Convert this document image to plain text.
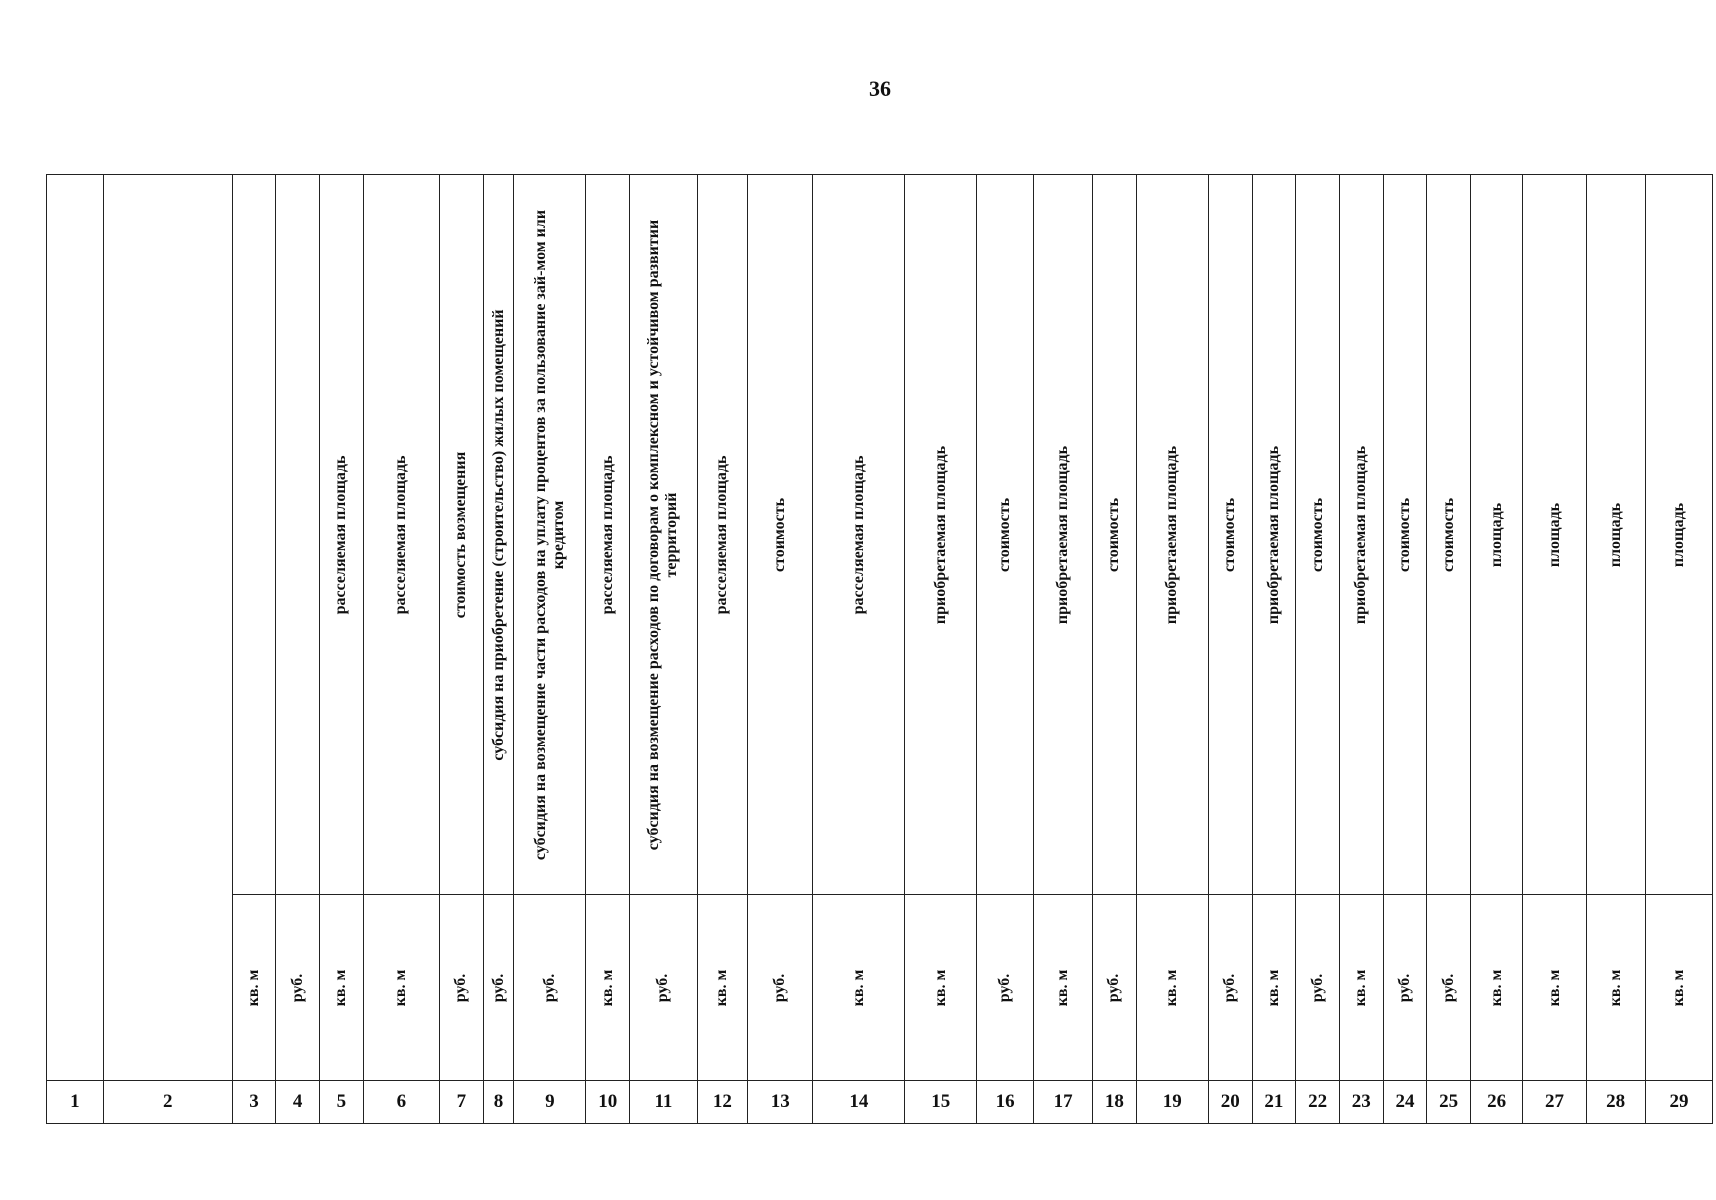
36

				расселяемая площадь	расселяемая площадь	стоимость возмещения	субсидия на приобретение (строительство) жилых помещений	субсидия на возмещение части расходов на уплату процентов за пользование зай-мом или кредитом	расселяемая площадь	субсидия на возмещение расходов по договорам о комплексном и устойчивом развитии территорий	расселяемая площадь	стоимость	расселяемая площадь	приобретаемая площадь	стоимость	приобретаемая площадь	стоимость	приобретаемая площадь	стоимость	приобретаемая площадь	стоимость	приобретаемая площадь	стоимость	стоимость	площадь	площадь	площадь	площадь

		кв. м	руб.	кв. м	кв. м	руб.	руб.	руб.	кв. м	руб.	кв. м	руб.	кв. м	кв. м	руб.	кв. м	руб.	кв. м	руб.	кв. м	руб.	кв. м	руб.	руб.	кв. м	кв. м	кв. м	кв. м
1	2	3	4	5	6	7	8	9	10	11	12	13	14	15	16	17	18	19	20	21	22	23	24	25	26	27	28	29
